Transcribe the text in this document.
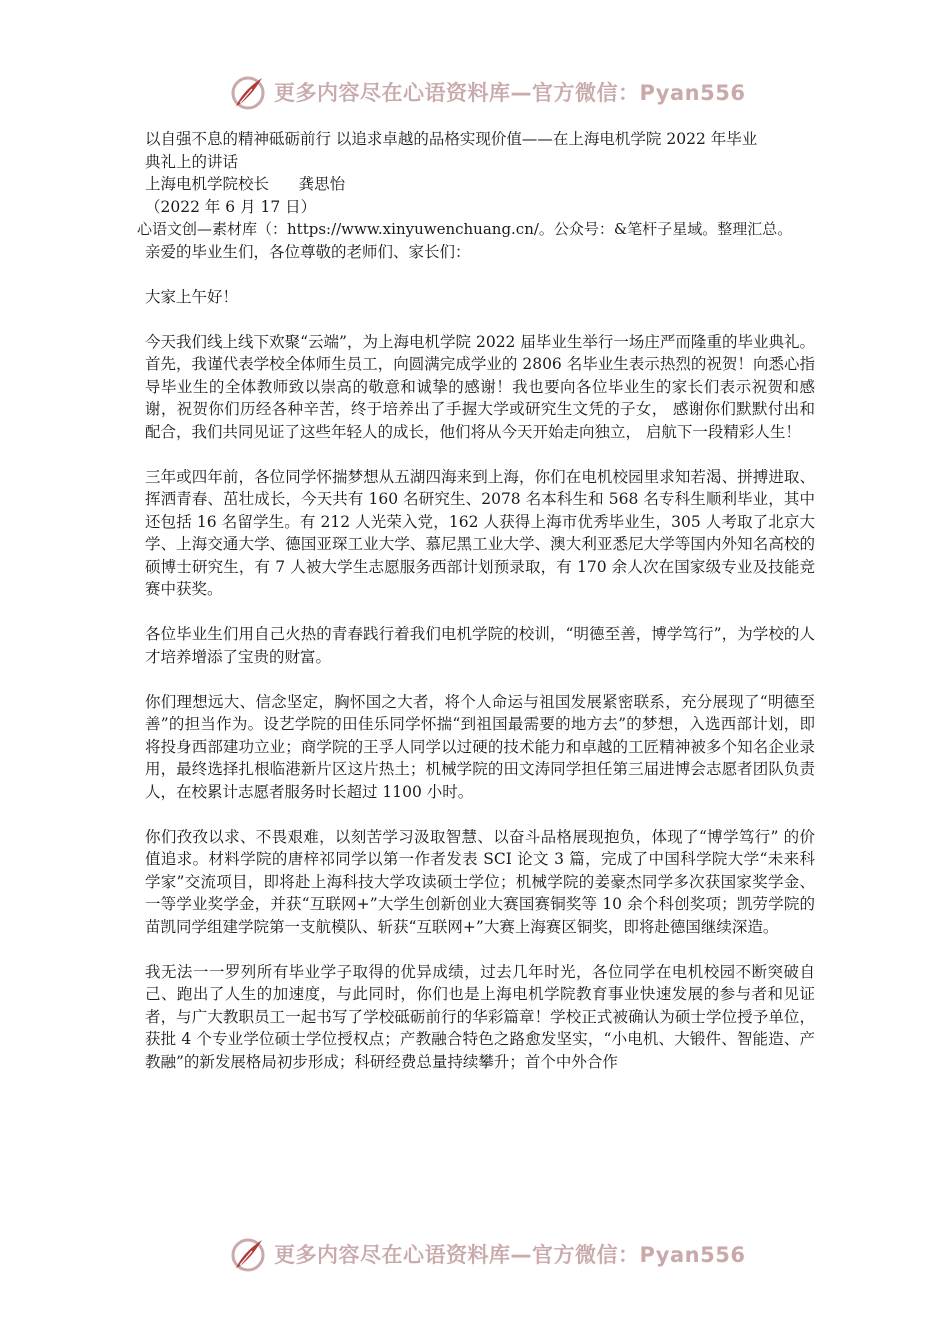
更多内容尽在心语资料库—官方微信：Pyan556
以自强不息的精神砥砺前行 以追求卓越的品格实现价值——在上海电机学院 2022 年毕业
典礼上的讲话
上海电机学院校长      龚思怡
（2022 年 6 月 17 日）
心语文创—素材库（：https://www.xinyuwenchuang.cn/。公众号：&笔杆子星域。整理汇总。

亲爱的毕业生们，各位尊敬的老师们、家长们：

大家上午好！

今天我们线上线下欢聚“云端”，为上海电机学院 2022 届毕业生举行一场庄严而隆重的毕业典礼。首先，我谨代表学校全体师生员工，向圆满完成学业的 2806 名毕业生表示热烈的祝贺！向悉心指导毕业生的全体教师致以崇高的敬意和诚挚的感谢！我也要向各位毕业生的家长们表示祝贺和感谢，祝贺你们历经各种辛苦，终于培养出了手握大学或研究生文凭的子女， 感谢你们默默付出和配合，我们共同见证了这些年轻人的成长，他们将从今天开始走向独立， 启航下一段精彩人生！

三年或四年前，各位同学怀揣梦想从五湖四海来到上海，你们在电机校园里求知若渴、拼搏进取、挥洒青春、茁壮成长，今天共有 160 名研究生、2078 名本科生和 568 名专科生顺利毕业，其中还包括 16 名留学生。有 212 人光荣入党，162 人获得上海市优秀毕业生，305 人考取了北京大学、上海交通大学、德国亚琛工业大学、慕尼黑工业大学、澳大利亚悉尼大学等国内外知名高校的硕博士研究生，有 7 人被大学生志愿服务西部计划预录取，有 170 余人次在国家级专业及技能竞赛中获奖。

各位毕业生们用自己火热的青春践行着我们电机学院的校训，“明德至善，博学笃行”，为学校的人才培养增添了宝贵的财富。

你们理想远大、信念坚定，胸怀国之大者，将个人命运与祖国发展紧密联系，充分展现了“明德至善”的担当作为。设艺学院的田佳乐同学怀揣“到祖国最需要的地方去”的梦想，入选西部计划，即将投身西部建功立业；商学院的王孚人同学以过硬的技术能力和卓越的工匠精神被多个知名企业录用，最终选择扎根临港新片区这片热土；机械学院的田文涛同学担任第三届进博会志愿者团队负责人，在校累计志愿者服务时长超过 1100 小时。

你们孜孜以求、不畏艰难，以刻苦学习汲取智慧、以奋斗品格展现抱负，体现了“博学笃行” 的价值追求。材料学院的唐梓祁同学以第一作者发表 SCI 论文 3 篇，完成了中国科学院大学“未来科学家”交流项目，即将赴上海科技大学攻读硕士学位；机械学院的姜豪杰同学多次获国家奖学金、一等学业奖学金，并获“互联网+”大学生创新创业大赛国赛铜奖等 10 余个科创奖项；凯劳学院的苗凯同学组建学院第一支航模队、斩获“互联网+”大赛上海赛区铜奖，即将赴德国继续深造。

我无法一一罗列所有毕业学子取得的优异成绩，过去几年时光，各位同学在电机校园不断突破自己、跑出了人生的加速度，与此同时，你们也是上海电机学院教育事业快速发展的参与者和见证者，与广大教职员工一起书写了学校砥砺前行的华彩篇章！学校正式被确认为硕士学位授予单位，获批 4 个专业学位硕士学位授权点；产教融合特色之路愈发坚实，“小电机、大锻件、智能造、产教融”的新发展格局初步形成；科研经费总量持续攀升；首个中外合作

更多内容尽在心语资料库—官方微信：Pyan556
